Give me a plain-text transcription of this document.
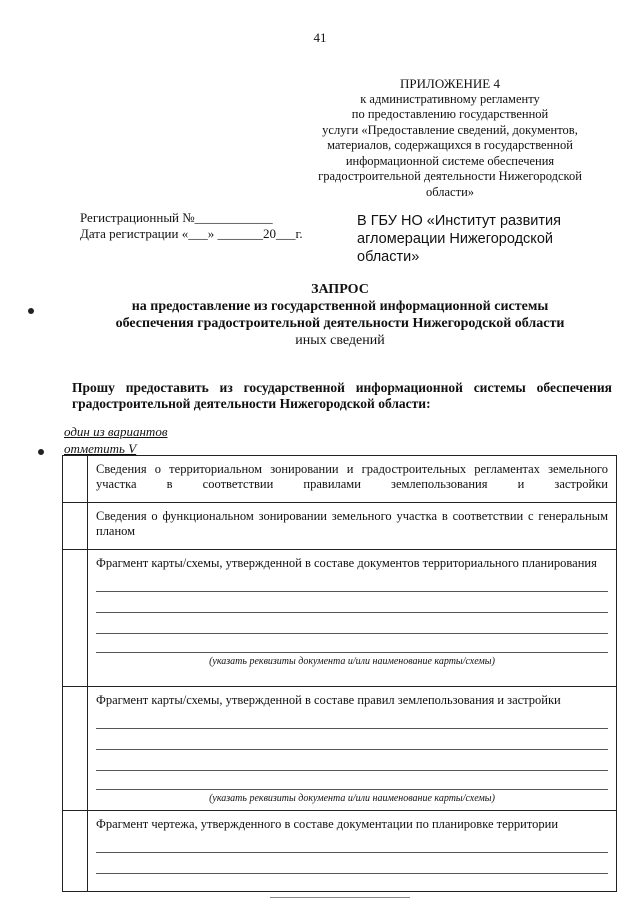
41
ПРИЛОЖЕНИЕ 4
к административному регламенту
по предоставлению государственной
услуги «Предоставление сведений, документов,
материалов, содержащихся в государственной
информационной системе обеспечения
градостроительной деятельности Нижегородской
области»
Регистрационный №____________
Дата регистрации «___» _______20___г.
В ГБУ НО «Институт развития агломерации Нижегородской области»
ЗАПРОС
на предоставление из государственной информационной системы
обеспечения градостроительной деятельности Нижегородской области
иных сведений
Прошу предоставить из государственной информационной системы обеспечения
градостроительной деятельности Нижегородской области:
один из вариантов
отметить V
	Сведения о территориальном зонировании и градостроительных регламентах земельного участка в соответствии правилами землепользования и застройки
	Сведения о функциональном зонировании земельного участка в соответствии с генеральным планом

	Фрагмент карты/схемы, утвержденной в составе документов территориального планирования
(указать реквизиты документа и/или наименование карты/схемы)

	Фрагмент карты/схемы, утвержденной в составе правил землепользования и застройки
(указать реквизиты документа и/или наименование карты/схемы)

	Фрагмент чертежа, утвержденного в составе документации по планировке территории
